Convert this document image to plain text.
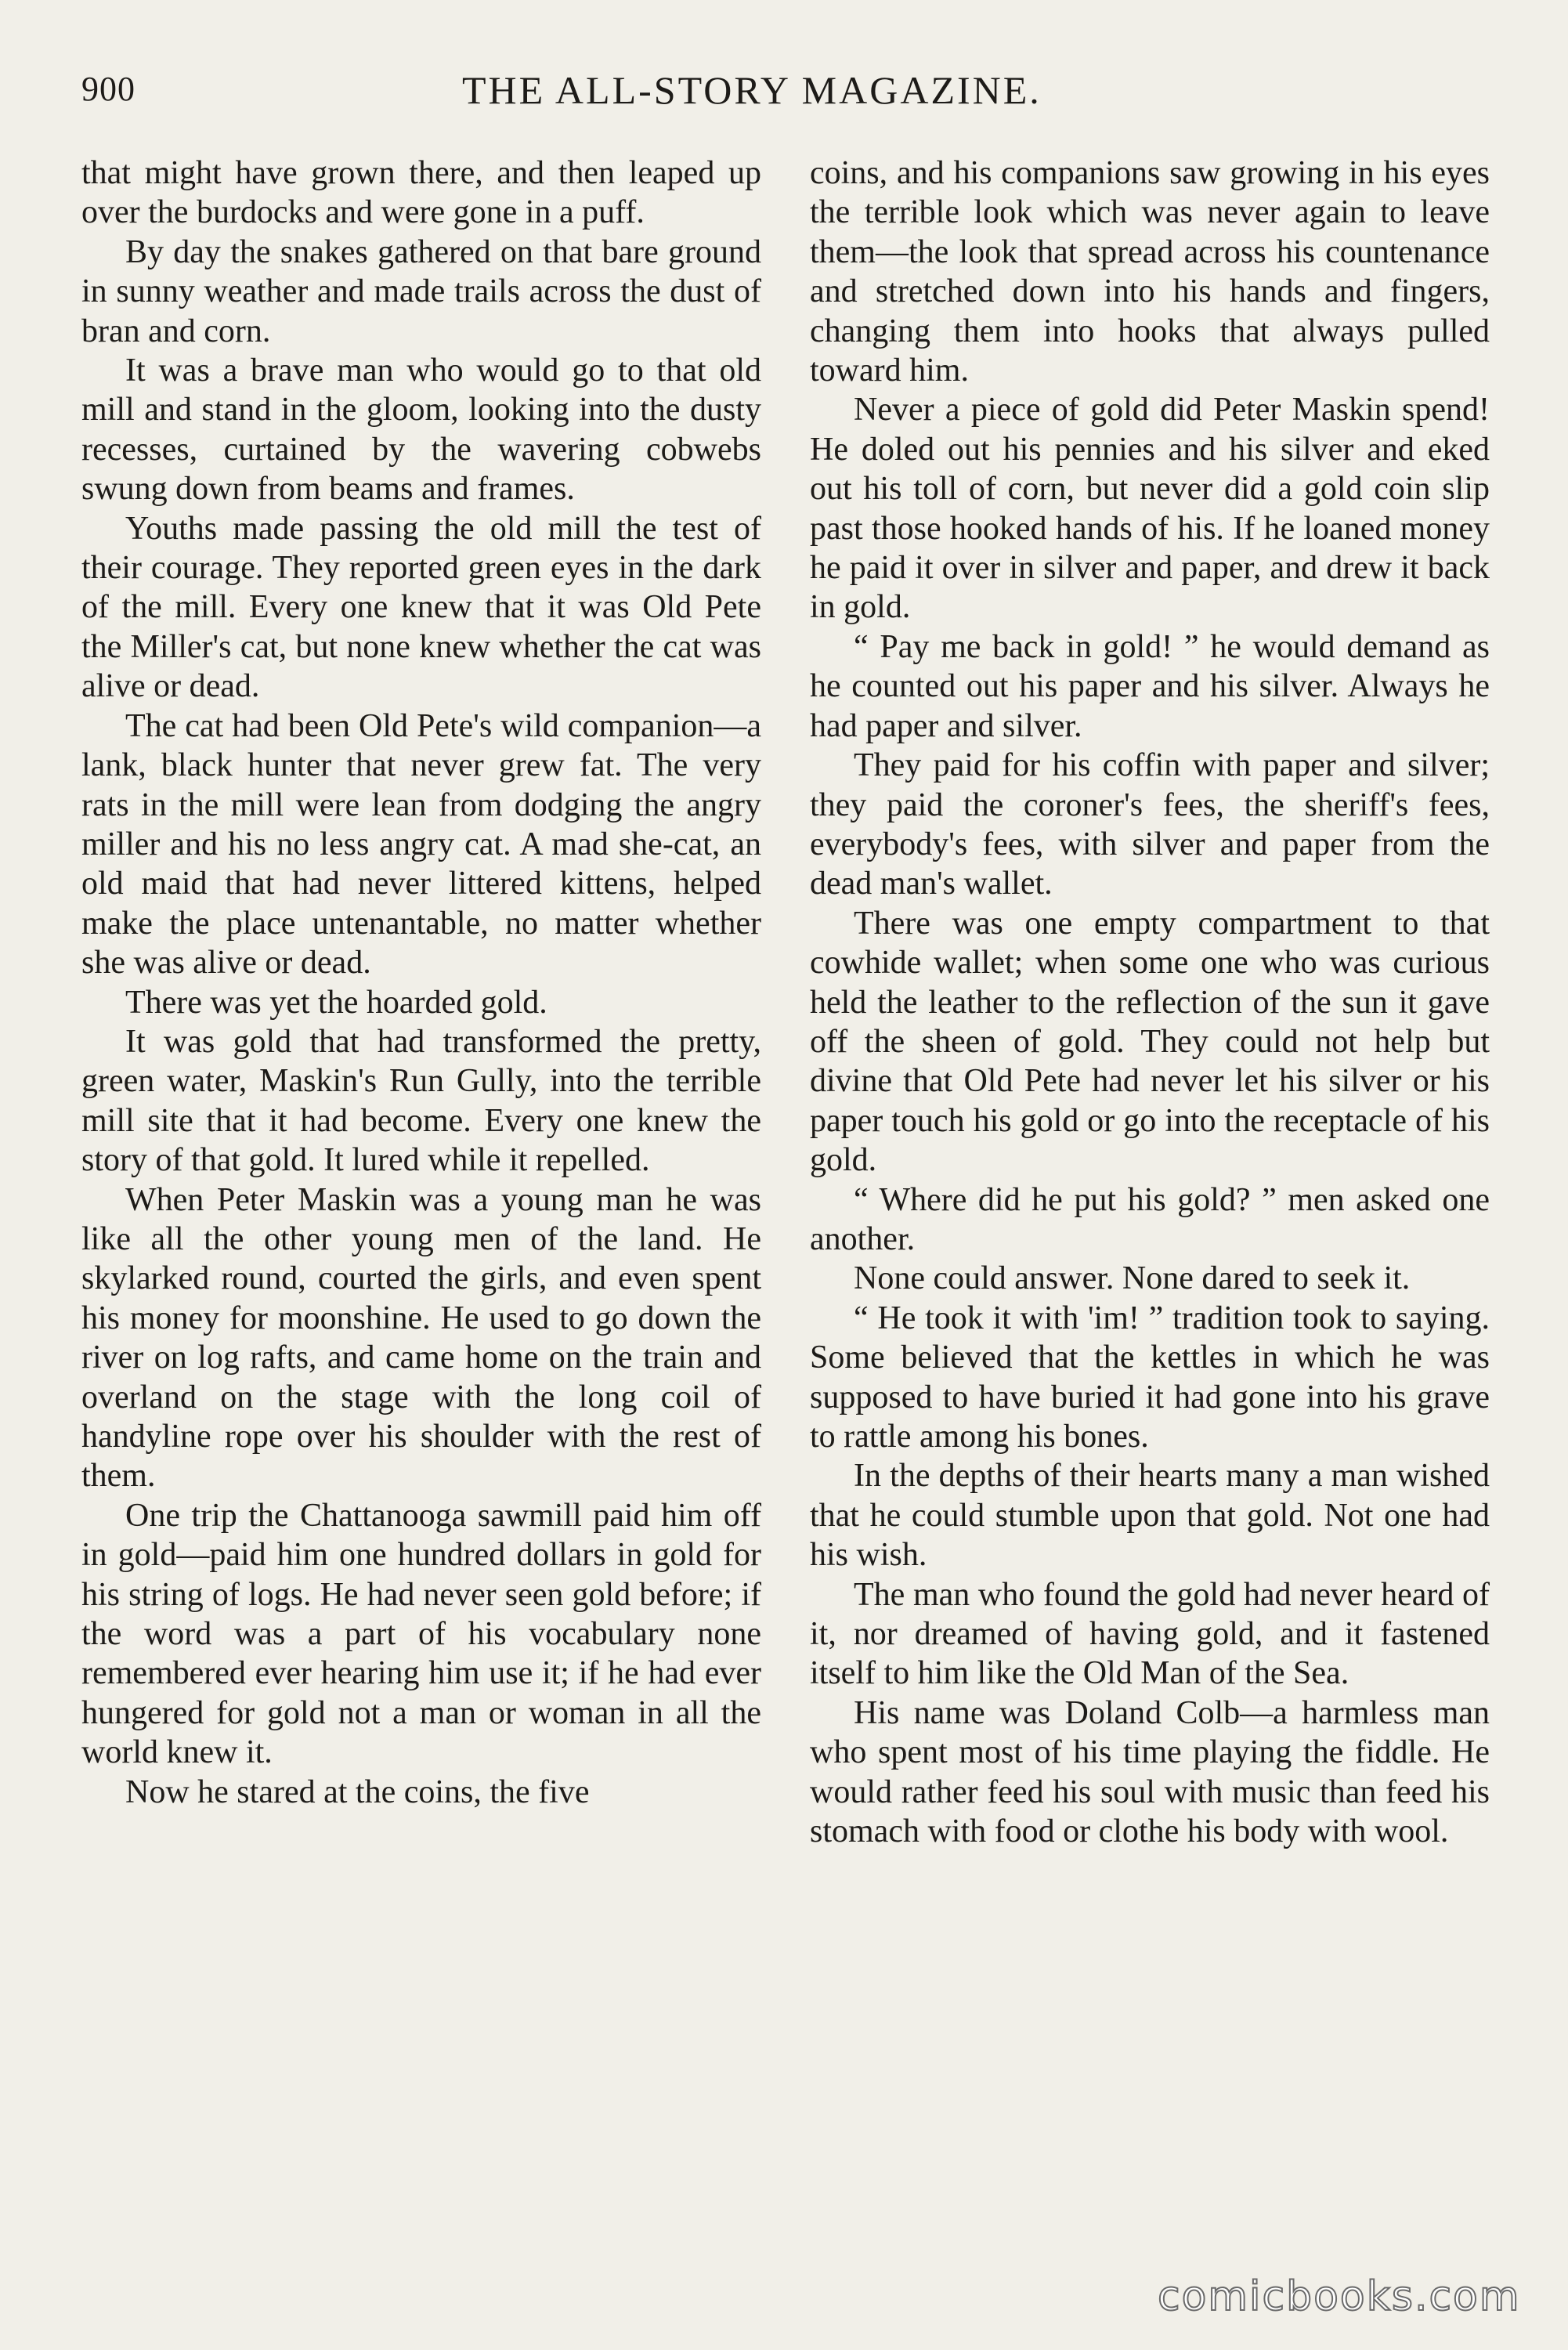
900	THE ALL-STORY MAGAZINE.

that might have grown there, and then leaped up over the burdocks and were gone in a puff.

By day the snakes gathered on that bare ground in sunny weather and made trails across the dust of bran and corn.

It was a brave man who would go to that old mill and stand in the gloom, looking into the dusty recesses, curtained by the wavering cobwebs swung down from beams and frames.

Youths made passing the old mill the test of their courage. They reported green eyes in the dark of the mill. Every one knew that it was Old Pete the Miller's cat, but none knew whether the cat was alive or dead.

The cat had been Old Pete's wild companion—a lank, black hunter that never grew fat. The very rats in the mill were lean from dodging the angry miller and his no less angry cat. A mad she-cat, an old maid that had never littered kittens, helped make the place untenantable, no matter whether she was alive or dead.

There was yet the hoarded gold.

It was gold that had transformed the pretty, green water, Maskin's Run Gully, into the terrible mill site that it had become. Every one knew the story of that gold. It lured while it repelled.

When Peter Maskin was a young man he was like all the other young men of the land. He skylarked round, courted the girls, and even spent his money for moonshine. He used to go down the river on log rafts, and came home on the train and overland on the stage with the long coil of handyline rope over his shoulder with the rest of them.

One trip the Chattanooga sawmill paid him off in gold—paid him one hundred dollars in gold for his string of logs. He had never seen gold before; if the word was a part of his vocabulary none remembered ever hearing him use it; if he had ever hungered for gold not a man or woman in all the world knew it.

Now he stared at the coins, the five

coins, and his companions saw growing in his eyes the terrible look which was never again to leave them—the look that spread across his countenance and stretched down into his hands and fingers, changing them into hooks that always pulled toward him.

Never a piece of gold did Peter Maskin spend! He doled out his pennies and his silver and eked out his toll of corn, but never did a gold coin slip past those hooked hands of his. If he loaned money he paid it over in silver and paper, and drew it back in gold.

“ Pay me back in gold! ” he would demand as he counted out his paper and his silver. Always he had paper and silver.

They paid for his coffin with paper and silver; they paid the coroner's fees, the sheriff's fees, everybody's fees, with silver and paper from the dead man's wallet.

There was one empty compartment to that cowhide wallet; when some one who was curious held the leather to the reflection of the sun it gave off the sheen of gold. They could not help but divine that Old Pete had never let his silver or his paper touch his gold or go into the receptacle of his gold.

“ Where did he put his gold? ” men asked one another.

None could answer. None dared to seek it.

“ He took it with 'im! ” tradition took to saying. Some believed that the kettles in which he was supposed to have buried it had gone into his grave to rattle among his bones.

In the depths of their hearts many a man wished that he could stumble upon that gold. Not one had his wish.

The man who found the gold had never heard of it, nor dreamed of having gold, and it fastened itself to him like the Old Man of the Sea.

His name was Doland Colb—a harmless man who spent most of his time playing the fiddle. He would rather feed his soul with music than feed his stomach with food or clothe his body with wool.

comicbooks.com
